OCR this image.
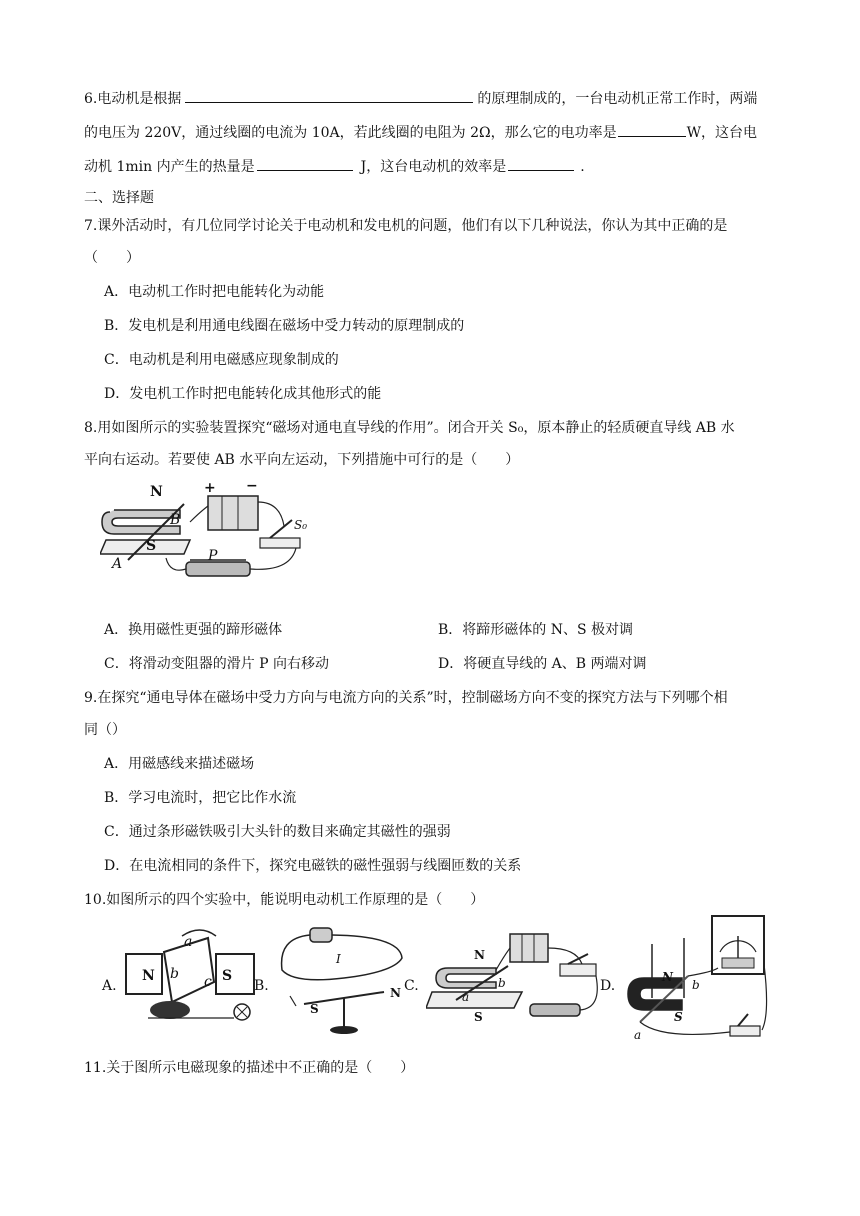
6.电动机是根据	的原理制成的，一台电动机正常工作时，两端
的电压为 220V，通过线圈的电流为 10A，若此线圈的电阻为 2Ω，那么它的电功率是	W，这台电
动机 1min 内产生的热量是	J，这台电动机的效率是	.
二、选择题
7.课外活动时，有几位同学讨论关于电动机和发电机的问题，他们有以下几种说法，你认为其中正确的是
（　　）
A．电动机工作时把电能转化为动能
B．发电机是利用通电线圈在磁场中受力转动的原理制成的
C．电动机是利用电磁感应现象制成的
D．发电机工作时把电能转化成其他形式的能
8.用如图所示的实验装置探究“磁场对通电直导线的作用”。闭合开关 S₀，原本静止的轻质硬直导线 AB 水
平向右运动。若要使 AB 水平向左运动，下列措施中可行的是（　　）
N
S
A
B
P
+ −
S₀
A．换用磁性更强的蹄形磁体	B．将蹄形磁体的 N、S 极对调
C．将滑动变阻器的滑片 P 向右移动	D．将硬直导线的 A、B 两端对调
9.在探究“通电导体在磁场中受力方向与电流方向的关系”时，控制磁场方向不变的探究方法与下列哪个相
同（）
A．用磁感线来描述磁场
B．学习电流时，把它比作水流
C．通过条形磁铁吸引大头针的数目来确定其磁性的强弱
D．在电流相同的条件下，探究电磁铁的磁性强弱与线圈匝数的关系
10.如图所示的四个实验中，能说明电动机工作原理的是（　　）
A.
N	S
a
b c	B.
S
N
I
C.
N
S
a
b	D.
N
S
a
b
11.关于图所示电磁现象的描述中不正确的是（　　）
